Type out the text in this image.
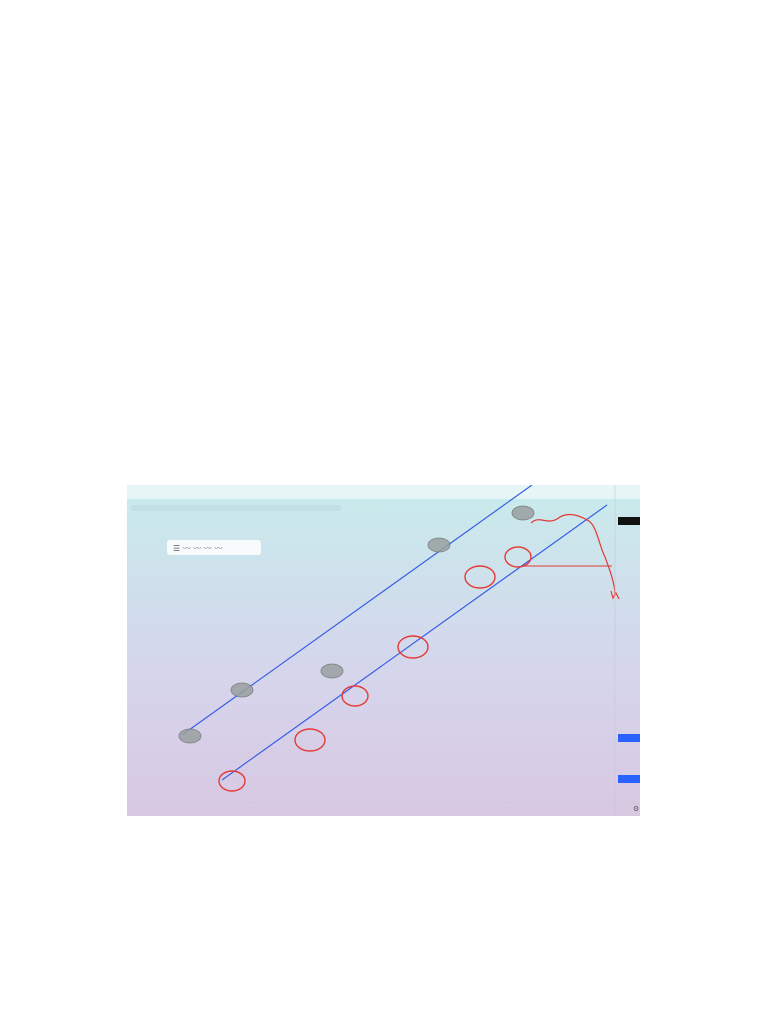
☰ 〰 〰 〰 〰
⚙
